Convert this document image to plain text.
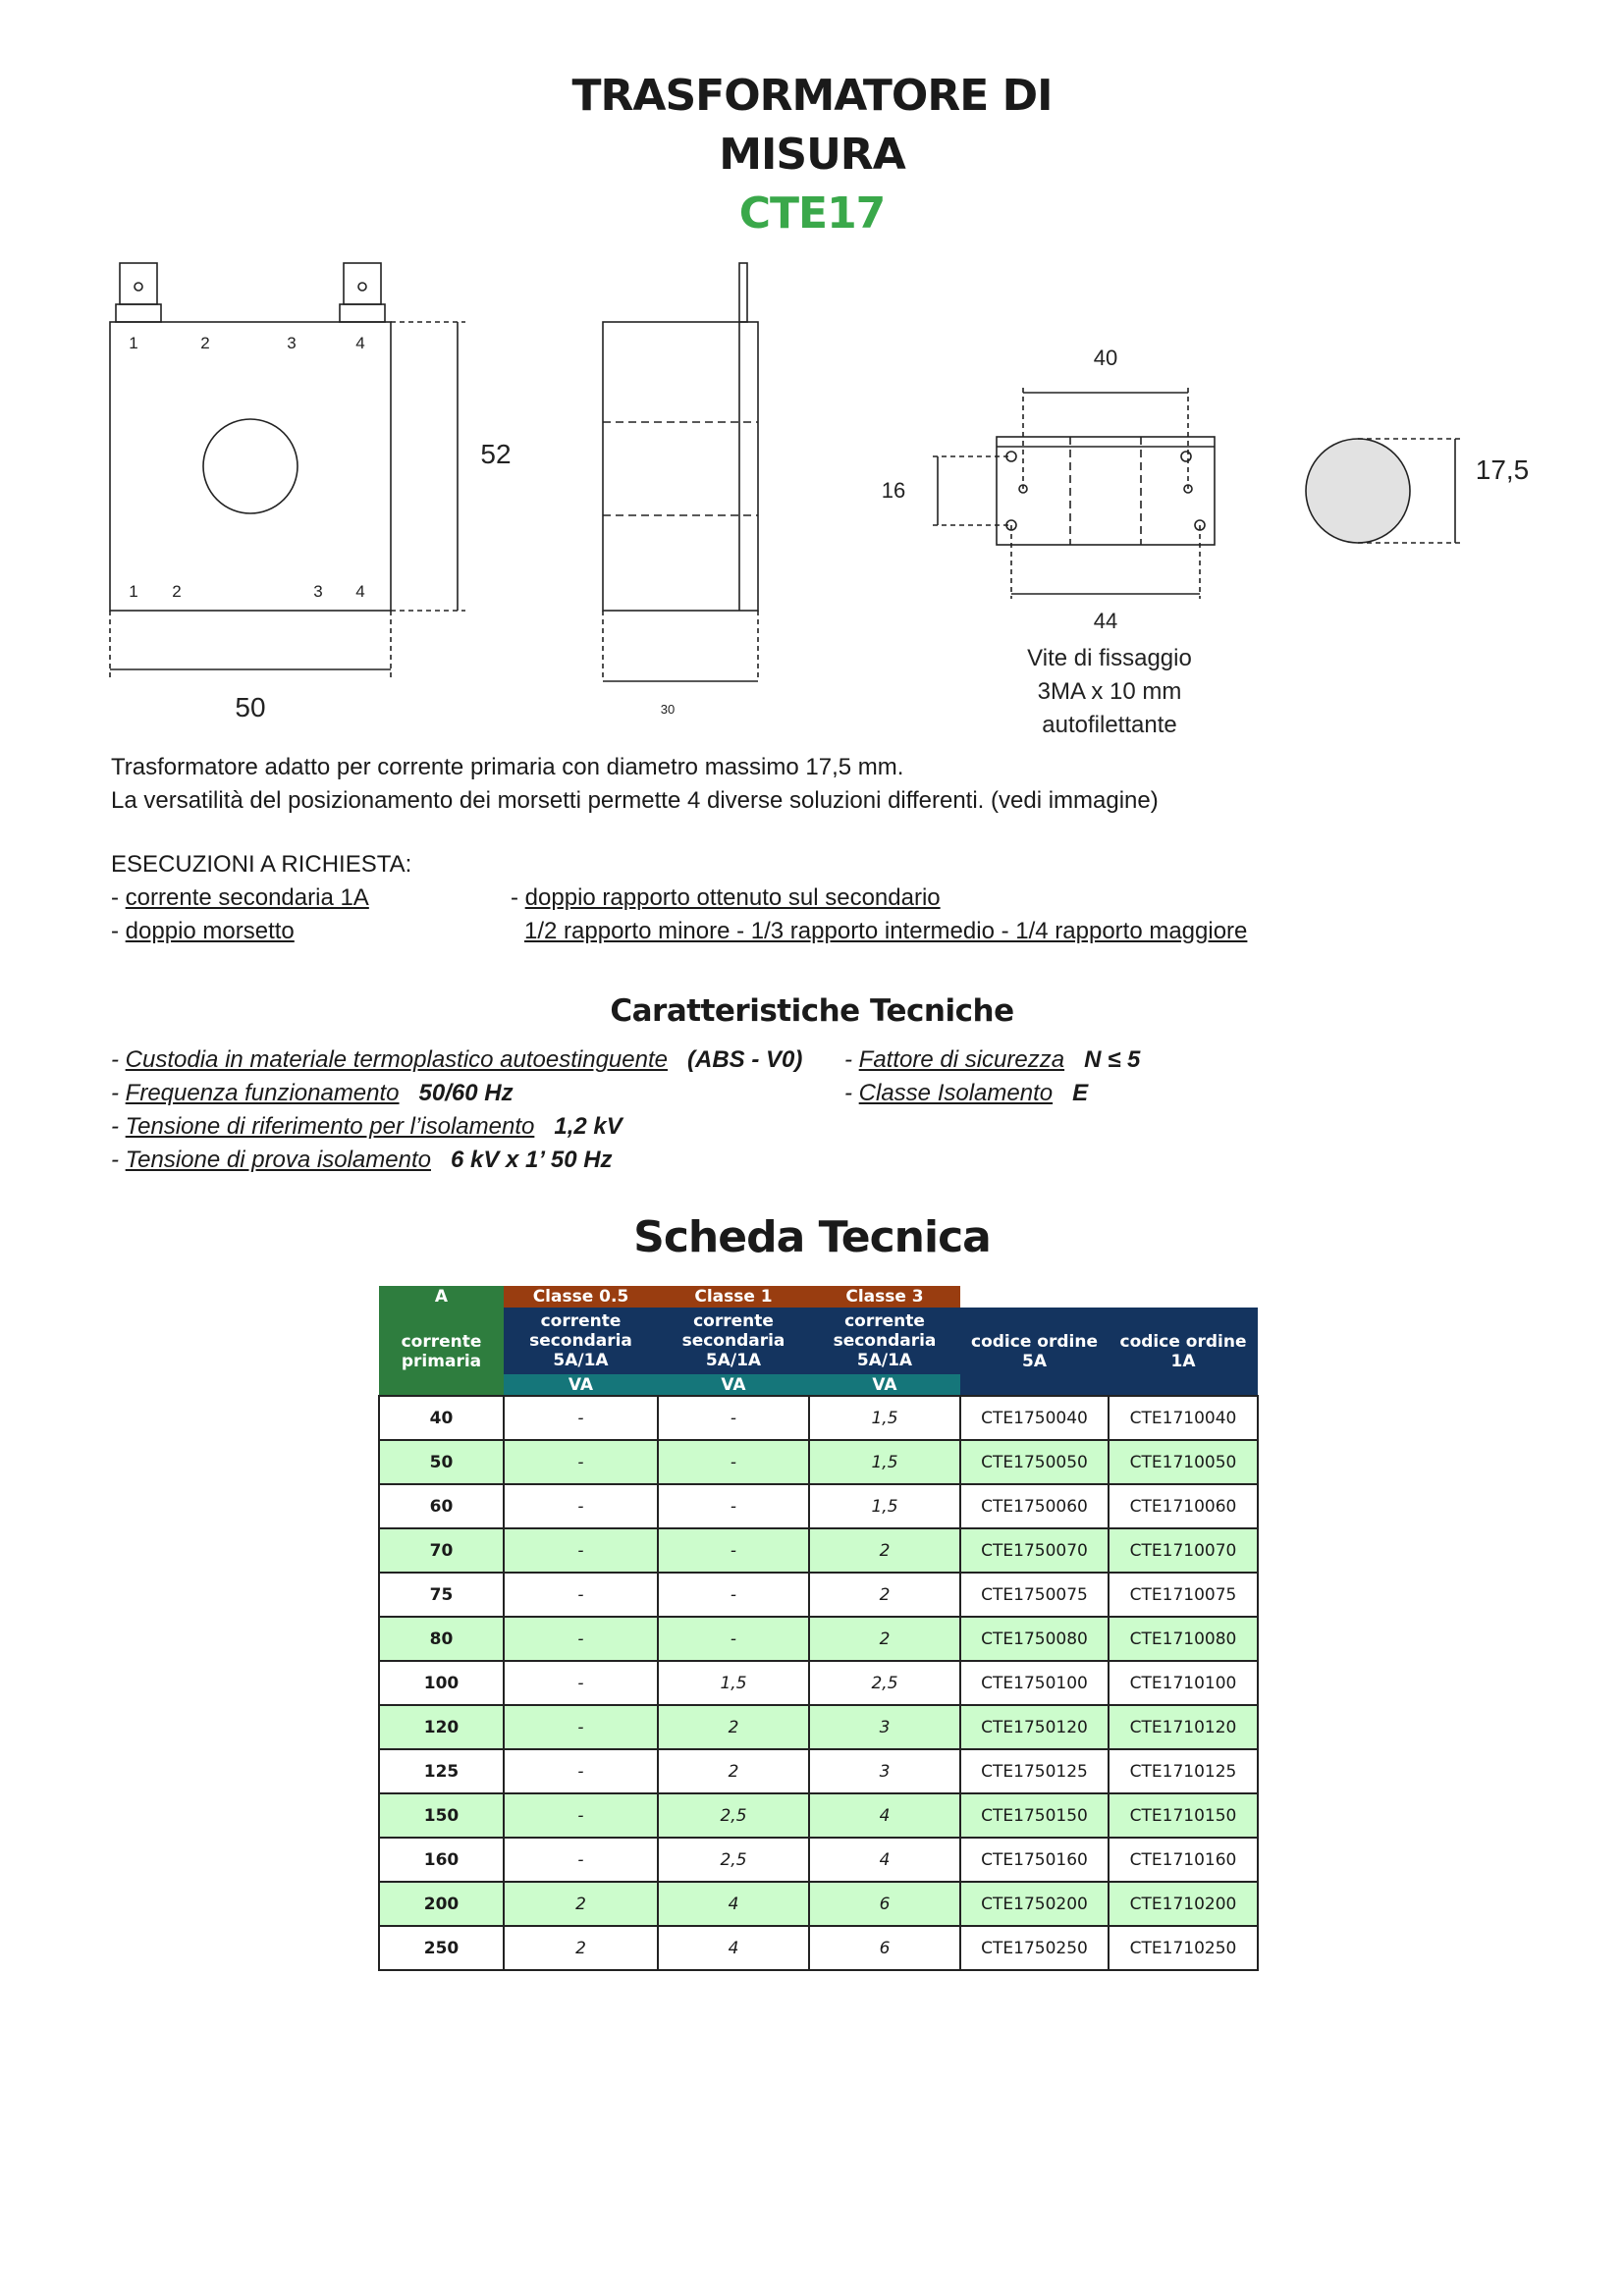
TRASFORMATORE DI
MISURA
CTE17
1	2	3	4
1 2	3 4
30
52
50
17,5
40
16
44
Vite di fissaggio
3MA x 10 mm
autofilettante
Trasformatore adatto per corrente primaria con diametro massimo 17,5 mm.
La versatilità del posizionamento dei morsetti permette 4 diverse soluzioni differenti. (vedi immagine)
ESECUZIONI A RICHIESTA:
- corrente secondaria 1A
- doppio morsetto
- doppio rapporto ottenuto sul secondario
1/2 rapporto minore - 1/3 rapporto intermedio - 1/4 rapporto maggiore
Caratteristiche Tecniche
- Custodia in materiale termoplastico autoestinguente (ABS - V0)
- Frequenza funzionamento 50/60 Hz
- Tensione di riferimento per l’isolamento 1,2 kV
- Tensione di prova isolamento 6 kV x 1’ 50 Hz
- Fattore di sicurezza N ≤ 5
- Classe Isolamento E
Scheda Tecnica
A	Classe 0.5	Classe 1	Classe 3		
corrente primaria	corrente secondaria 5A/1A	corrente secondaria 5A/1A	corrente secondaria 5A/1A	codice ordine 5A	codice ordine 1A
	VA	VA	VA		
40	-	-	1,5	CTE1750040	CTE1710040
50	-	-	1,5	CTE1750050	CTE1710050
60	-	-	1,5	CTE1750060	CTE1710060
70	-	-	2	CTE1750070	CTE1710070
75	-	-	2	CTE1750075	CTE1710075
80	-	-	2	CTE1750080	CTE1710080
100	-	1,5	2,5	CTE1750100	CTE1710100
120	-	2	3	CTE1750120	CTE1710120
125	-	2	3	CTE1750125	CTE1710125
150	-	2,5	4	CTE1750150	CTE1710150
160	-	2,5	4	CTE1750160	CTE1710160
200	2	4	6	CTE1750200	CTE1710200
250	2	4	6	CTE1750250	CTE1710250
